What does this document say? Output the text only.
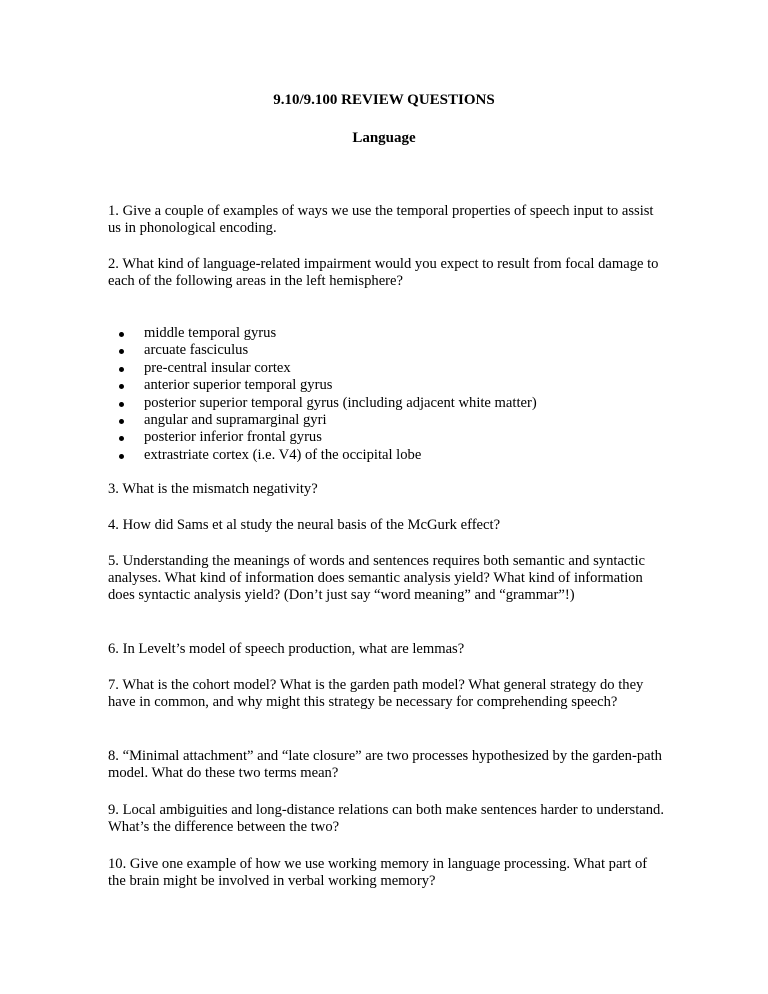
9.10/9.100 REVIEW QUESTIONS

Language

1. Give a couple of examples of ways we use the temporal properties of speech input to assist us in phonological encoding.

2. What kind of language-related impairment would you expect to result from focal damage to each of the following areas in the left hemisphere?

middle temporal gyrus
arcuate fasciculus
pre-central insular cortex
anterior superior temporal gyrus
posterior superior temporal gyrus (including adjacent white matter)
angular and supramarginal gyri
posterior inferior frontal gyrus
extrastriate cortex (i.e. V4) of the occipital lobe

3. What is the mismatch negativity?

4. How did Sams et al study the neural basis of the McGurk effect?

5. Understanding the meanings of words and sentences requires both semantic and syntactic analyses. What kind of information does semantic analysis yield? What kind of information does syntactic analysis yield? (Don’t just say “word meaning” and “grammar”!)

6. In Levelt’s model of speech production, what are lemmas?

7. What is the cohort model? What is the garden path model? What general strategy do they have in common, and why might this strategy be necessary for comprehending speech?

8. “Minimal attachment” and “late closure” are two processes hypothesized by the garden-path model. What do these two terms mean?

9. Local ambiguities and long-distance relations can both make sentences harder to understand. What’s the difference between the two?

10. Give one example of how we use working memory in language processing. What part of the brain might be involved in verbal working memory?
